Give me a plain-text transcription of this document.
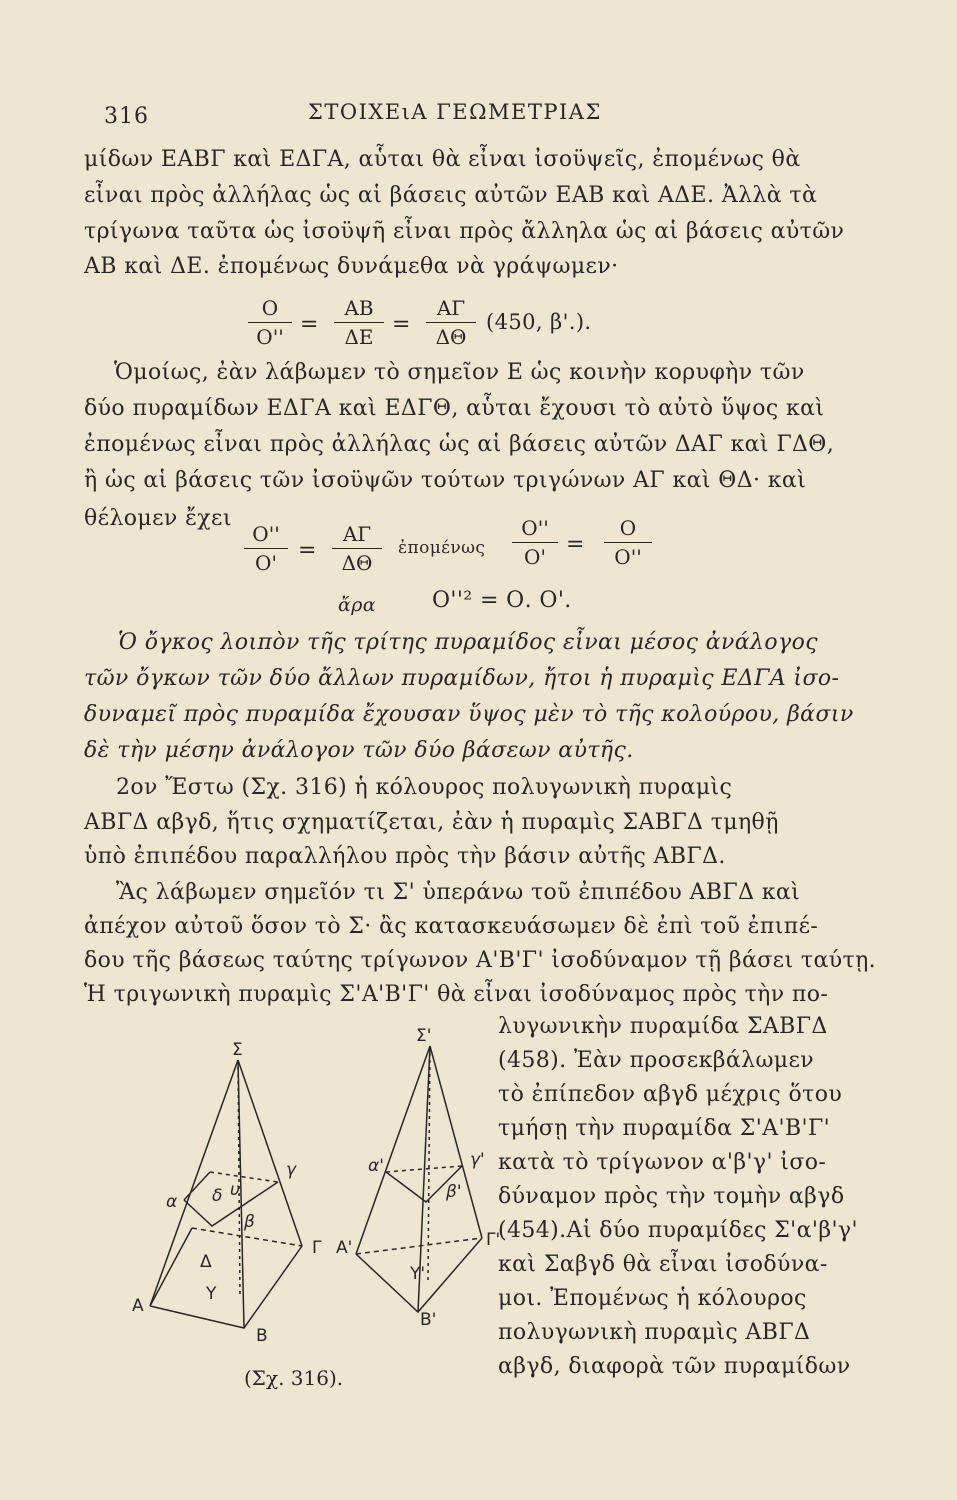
316	ΣΤΟΙΧΕιΑ ΓΕΩΜΕΤΡΙΑΣ
μίδων ΕΑΒΓ καὶ ΕΔΓΑ, αὗται θὰ εἶναι ἰσοϋψεῖς, ἐπομένως θὰ
εἶναι πρὸς ἀλλήλας ὡς αἱ βάσεις αὐτῶν ΕΑΒ καὶ ΑΔΕ. Ἀλλὰ τὰ
τρίγωνα ταῦτα ὡς ἰσοϋψῆ εἶναι πρὸς ἄλληλα ὡς αἱ βάσεις αὐτῶν
ΑΒ καὶ ΔΕ. ἐπομένως δυνάμεθα νὰ γράψωμεν·
Ο
Ο'' =
ΑΒ
ΔΕ =
ΑΓ
ΔΘ
(450, β'.).
Ὁμοίως, ἐὰν λάβωμεν τὸ σημεῖον Ε ὡς κοινὴν κορυφὴν τῶν
δύο πυραμίδων ΕΔΓΑ καὶ ΕΔΓΘ, αὗται ἔχουσι τὸ αὐτὸ ὕψος καὶ
ἐπομένως εἶναι πρὸς ἀλλήλας ὡς αἱ βάσεις αὐτῶν ΔΑΓ καὶ ΓΔΘ,
ἢ ὡς αἱ βάσεις τῶν ἰσοϋψῶν τούτων τριγώνων ΑΓ καὶ ΘΔ· καὶ
θέλομεν ἔχει
Ο''
Ο' =
ΑΓ
ΔΘ
ἐπομένως
Ο''
Ο' =
Ο
Ο''
ἄρα	Ο''² = Ο. Ο'.
Ὁ ὄγκος λοιπὸν τῆς τρίτης πυραμίδος εἶναι μέσος ἀνάλογος
τῶν ὄγκων τῶν δύο ἄλλων πυραμίδων, ἤτοι ἡ πυραμὶς ΕΔΓΑ ἰσο-
δυναμεῖ πρὸς πυραμίδα ἔχουσαν ὕψος μὲν τὸ τῆς κολούρου, βάσιν
δὲ τὴν μέσην ἀνάλογον τῶν δύο βάσεων αὐτῆς.
2ον Ἔστω (Σχ. 316) ἡ κόλουρος πολυγωνικὴ πυραμὶς
ΑΒΓΔ αβγδ, ἥτις σχηματίζεται, ἐὰν ἡ πυραμὶς ΣΑΒΓΔ τμηθῇ
ὑπὸ ἐπιπέδου παραλλήλου πρὸς τὴν βάσιν αὐτῆς ΑΒΓΔ.
Ἂς λάβωμεν σημεῖόν τι Σ' ὑπεράνω τοῦ ἐπιπέδου ΑΒΓΔ καὶ
ἀπέχον αὐτοῦ ὅσον τὸ Σ· ἂς κατασκευάσωμεν δὲ ἐπὶ τοῦ ἐπιπέ-
δου τῆς βάσεως ταύτης τρίγωνον Α'Β'Γ' ἰσοδύναμον τῇ βάσει ταύτῃ.
Ἡ τριγωνικὴ πυραμὶς Σ'Α'Β'Γ' θὰ εἶναι ἰσοδύναμος πρὸς τὴν πο-
λυγωνικὴν πυραμίδα ΣΑΒΓΔ
(458). Ἐὰν προσεκβάλωμεν
τὸ ἐπίπεδον αβγδ μέχρις ὅτου
τμήσῃ τὴν πυραμίδα Σ'Α'Β'Γ'
κατὰ τὸ τρίγωνον α'β'γ' ἰσο-
δύναμον πρὸς τὴν τομὴν αβγδ
(454).Αἱ δύο πυραμίδες Σ'α'β'γ'
καὶ Σαβγδ θὰ εἶναι ἰσοδύνα-
μοι. Ἐπομένως ἡ κόλουρος
πολυγωνικὴ πυραμὶς ΑΒΓΔ
αβγδ, διαφορὰ τῶν πυραμίδων
Σ
α
γ
δ
β
υ
Γ
Δ
Υ
Α
Β
Σ'
α'	γ'
β'
Α'	Γ'
Υ'
Β'
(Σχ. 316).
